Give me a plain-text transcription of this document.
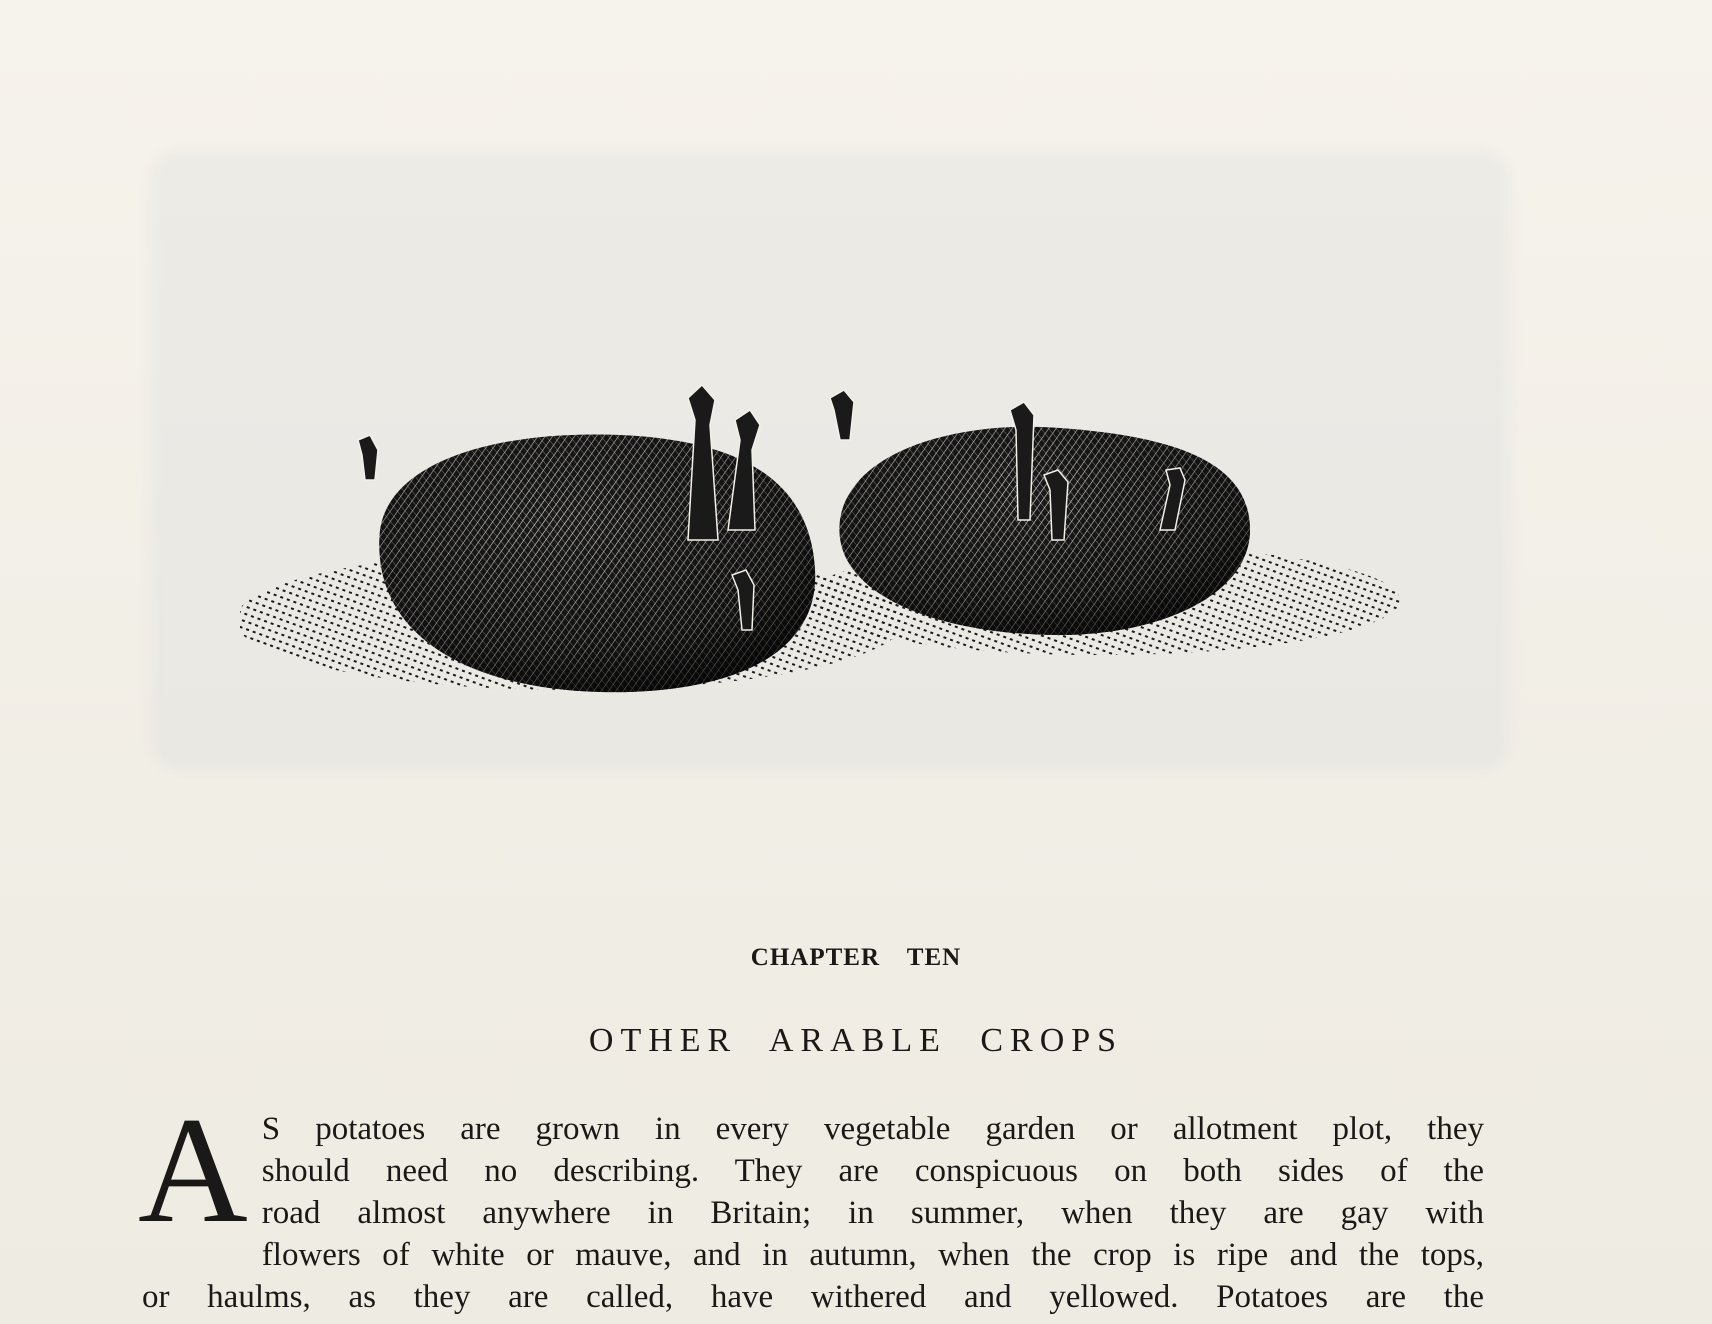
CHAPTER TEN
OTHER ARABLE CROPS
A S potatoes are grown in every vegetable garden or allotment plot, they
should need no describing. They are conspicuous on both sides of the
road almost anywhere in Britain; in summer, when they are gay with
flowers of white or mauve, and in autumn, when the crop is ripe and the tops,
or haulms, as they are called, have withered and yellowed. Potatoes are the
